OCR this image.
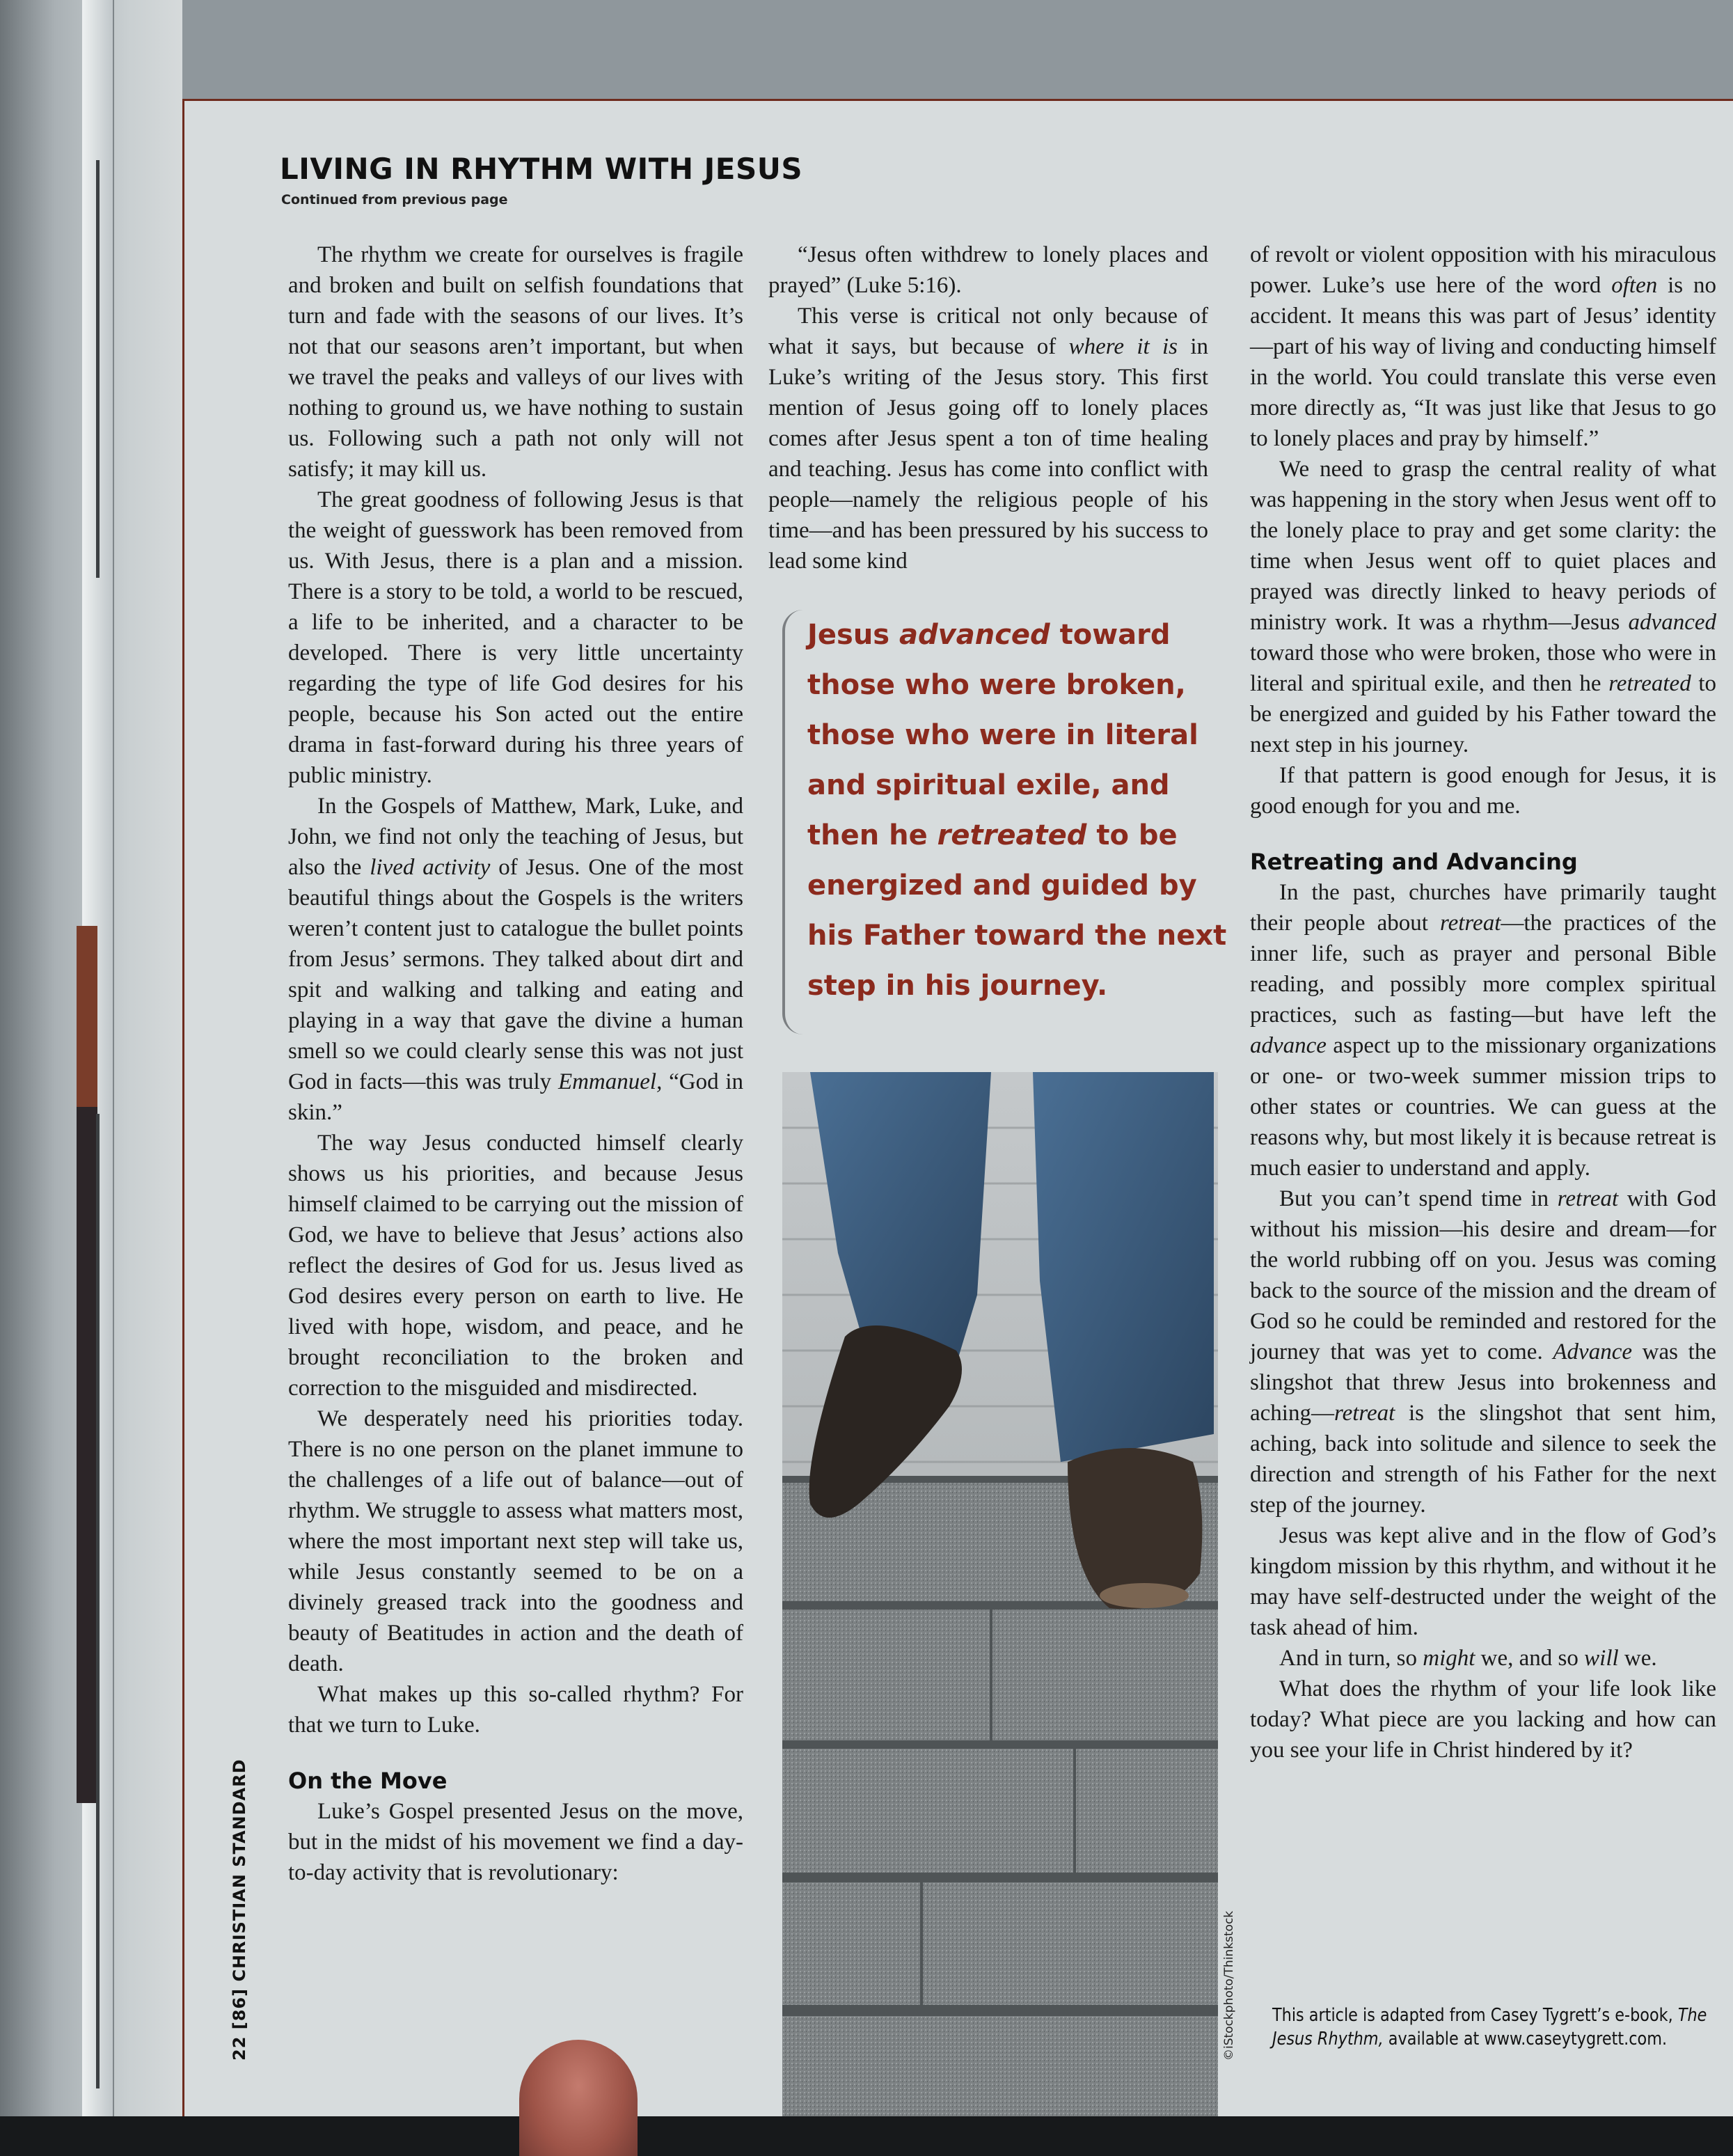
LIVING IN RHYTHM WITH JESUS
Continued from previous page

The rhythm we create for ourselves is fragile and broken and built on selfish foundations that turn and fade with the seasons of our lives. It’s not that our seasons aren’t important, but when we travel the peaks and valleys of our lives with nothing to ground us, we have nothing to sustain us. Following such a path not only will not satisfy; it may kill us.

The great goodness of following Jesus is that the weight of guesswork has been removed from us. With Jesus, there is a plan and a mission. There is a story to be told, a world to be rescued, a life to be inherited, and a character to be developed. There is very little uncertainty regarding the type of life God desires for his people, because his Son acted out the entire drama in fast-forward during his three years of public ministry.

In the Gospels of Matthew, Mark, Luke, and John, we find not only the teaching of Jesus, but also the lived activity of Jesus. One of the most beautiful things about the Gospels is the writers weren’t content just to catalogue the bullet points from Jesus’ sermons. They talked about dirt and spit and walking and talking and eating and playing in a way that gave the divine a human smell so we could clearly sense this was not just God in facts—this was truly Emmanuel, “God in skin.”

The way Jesus conducted himself clearly shows us his priorities, and because Jesus himself claimed to be carrying out the mission of God, we have to believe that Jesus’ actions also reflect the desires of God for us. Jesus lived as God desires every person on earth to live. He lived with hope, wisdom, and peace, and he brought reconciliation to the broken and correction to the misguided and misdirected.

We desperately need his priorities today. There is no one person on the planet immune to the challenges of a life out of balance—out of rhythm. We struggle to assess what matters most, where the most important next step will take us, while Jesus constantly seemed to be on a divinely greased track into the goodness and beauty of Beatitudes in action and the death of death.

What makes up this so-called rhythm? For that we turn to Luke.

On the Move

Luke’s Gospel presented Jesus on the move, but in the midst of his movement we find a day-to-day activity that is revolutionary:

“Jesus often withdrew to lonely places and prayed” (Luke 5:16).

This verse is critical not only because of what it says, but because of where it is in Luke’s writing of the Jesus story. This first mention of Jesus going off to lonely places comes after Jesus spent a ton of time healing and teaching. Jesus has come into conflict with people—namely the religious people of his time—and has been pressured by his success to lead some kind

Jesus advanced toward those who were broken, those who were in literal and spiritual exile, and then he retreated to be energized and guided by his Father toward the next step in his journey.
©iStockphoto/Thinkstock

of revolt or violent opposition with his miraculous power. Luke’s use here of the word often is no accident. It means this was part of Jesus’ identity—part of his way of living and conducting himself in the world. You could translate this verse even more directly as, “It was just like that Jesus to go to lonely places and pray by himself.”

We need to grasp the central reality of what was happening in the story when Jesus went off to the lonely place to pray and get some clarity: the time when Jesus went off to quiet places and prayed was directly linked to heavy periods of ministry work. It was a rhythm—Jesus advanced toward those who were broken, those who were in literal and spiritual exile, and then he retreated to be energized and guided by his Father toward the next step in his journey.

If that pattern is good enough for Jesus, it is good enough for you and me.

Retreating and Advancing

In the past, churches have primarily taught their people about retreat—the practices of the inner life, such as prayer and personal Bible reading, and possibly more complex spiritual practices, such as fasting—but have left the advance aspect up to the missionary organizations or one- or two-week summer mission trips to other states or countries. We can guess at the reasons why, but most likely it is because retreat is much easier to understand and apply.

But you can’t spend time in retreat with God without his mission—his desire and dream—for the world rubbing off on you. Jesus was coming back to the source of the mission and the dream of God so he could be reminded and restored for the journey that was yet to come. Advance was the slingshot that threw Jesus into brokenness and aching—retreat is the slingshot that sent him, aching, back into solitude and silence to seek the direction and strength of his Father for the next step of the journey.

Jesus was kept alive and in the flow of God’s kingdom mission by this rhythm, and without it he may have self-destructed under the weight of the task ahead of him.

And in turn, so might we, and so will we.

What does the rhythm of your life look like today? What piece are you lacking and how can you see your life in Christ hindered by it?

This article is adapted from Casey Tygrett’s e-book, The Jesus Rhythm, available at www.caseytygrett.com.
22 [86] CHRISTIAN STANDARD
